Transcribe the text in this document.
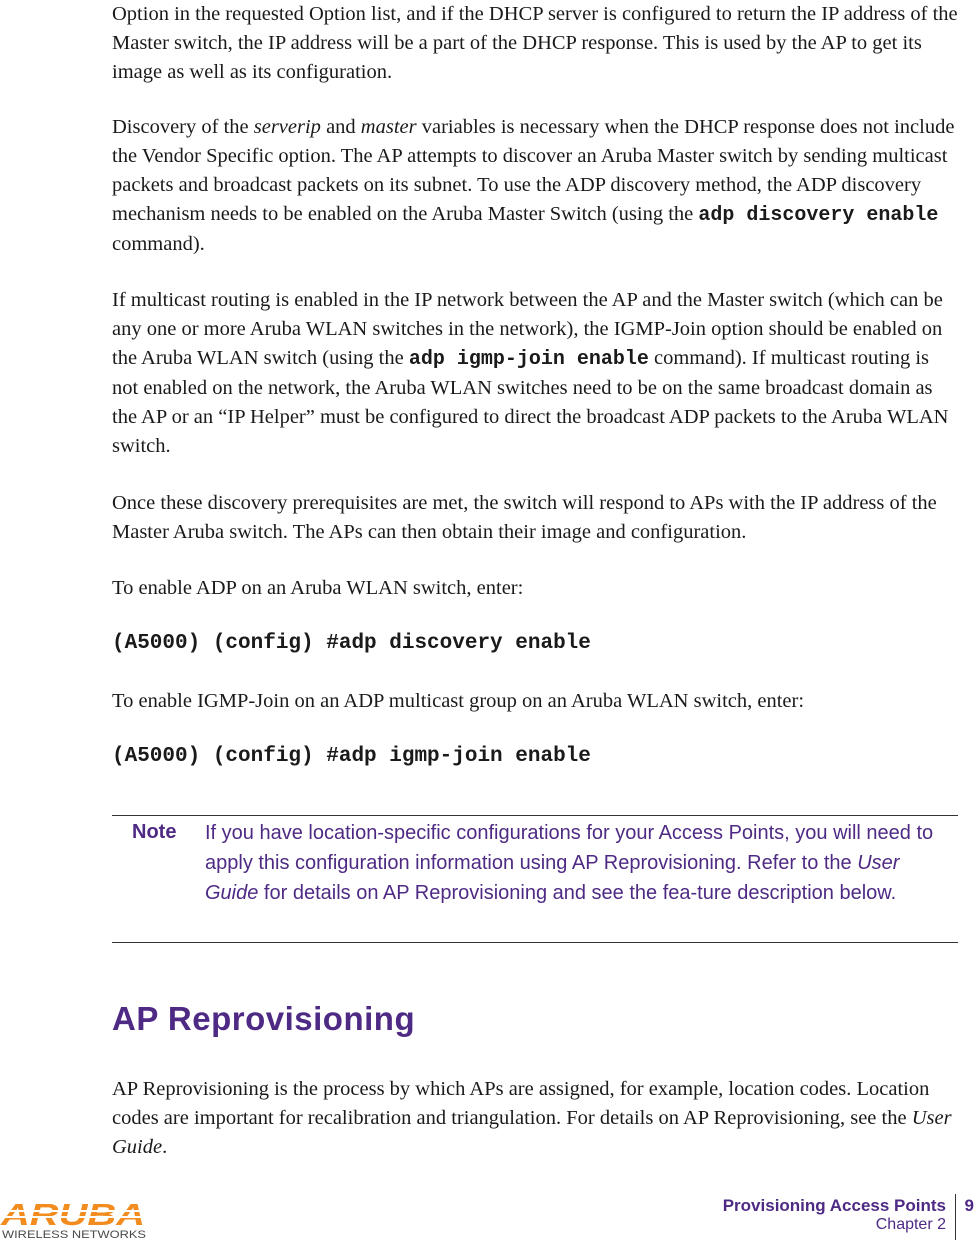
Option in the requested Option list, and if the DHCP server is configured to return the IP address of the Master switch, the IP address will be a part of the DHCP response. This is used by the AP to get its image as well as its configuration.

Discovery of the serverip and master variables is necessary when the DHCP response does not include the Vendor Specific option. The AP attempts to discover an Aruba Master switch by sending multicast packets and broadcast packets on its subnet. To use the ADP discovery method, the ADP discovery mechanism needs to be enabled on the Aruba Master Switch (using the adp discovery enable command).

If multicast routing is enabled in the IP network between the AP and the Master switch (which can be any one or more Aruba WLAN switches in the network), the IGMP-Join option should be enabled on the Aruba WLAN switch (using the adp igmp-join enable command). If multicast routing is not enabled on the network, the Aruba WLAN switches need to be on the same broadcast domain as the AP or an “IP Helper” must be configured to direct the broadcast ADP packets to the Aruba WLAN switch.

Once these discovery prerequisites are met, the switch will respond to APs with the IP address of the Master Aruba switch. The APs can then obtain their image and configuration.

To enable ADP on an Aruba WLAN switch, enter:

(A5000) (config) #adp discovery enable

To enable IGMP-Join on an ADP multicast group on an Aruba WLAN switch, enter:

(A5000) (config) #adp igmp-join enable

Note If you have location-specific configurations for your Access Points, you will need to apply this configuration information using AP Reprovisioning. Refer to the User Guide for details on AP Reprovisioning and see the fea-ture description below.

AP Reprovisioning

AP Reprovisioning is the process by which APs are assigned, for example, location codes. Location codes are important for recalibration and triangulation. For details on AP Reprovisioning, see the User Guide.

ARUBA
WIRELESS NETWORKS
Provisioning Access Points
Chapter 2
9
